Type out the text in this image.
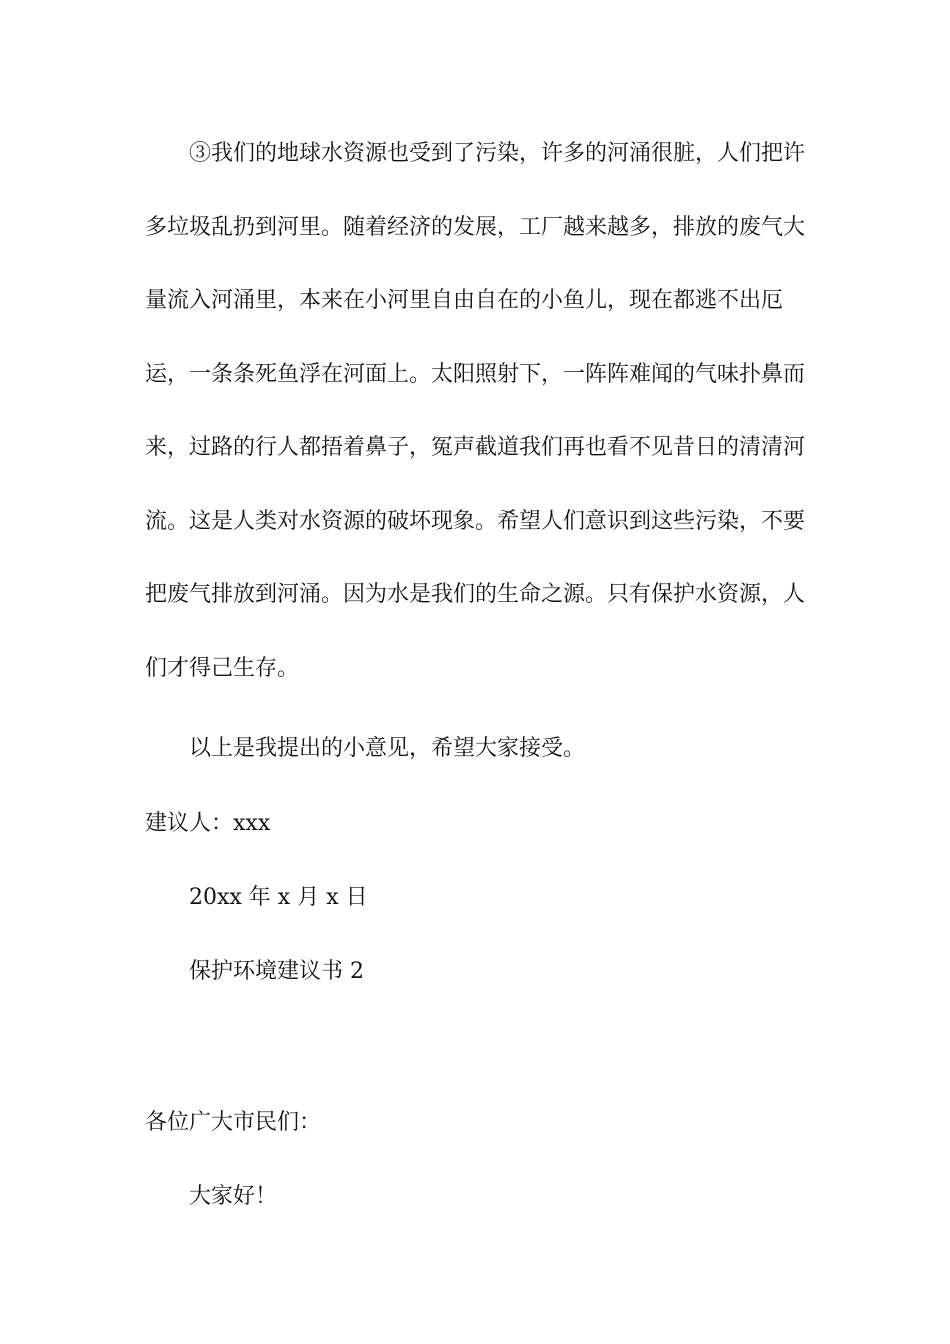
③我们的地球水资源也受到了污染，许多的河涌很脏，人们把许多垃圾乱扔到河里。随着经济的发展，工厂越来越多，排放的废气大量流入河涌里，本来在小河里自由自在的小鱼儿，现在都逃不出厄运，一条条死鱼浮在河面上。太阳照射下，一阵阵难闻的气味扑鼻而来，过路的行人都捂着鼻子，冤声截道我们再也看不见昔日的清清河流。这是人类对水资源的破坏现象。希望人们意识到这些污染，不要把废气排放到河涌。因为水是我们的生命之源。只有保护水资源，人们才得己生存。
以上是我提出的小意见，希望大家接受。
建议人：xxx
20xx 年 x 月 x 日
保护环境建议书 2
各位广大市民们：
大家好！
